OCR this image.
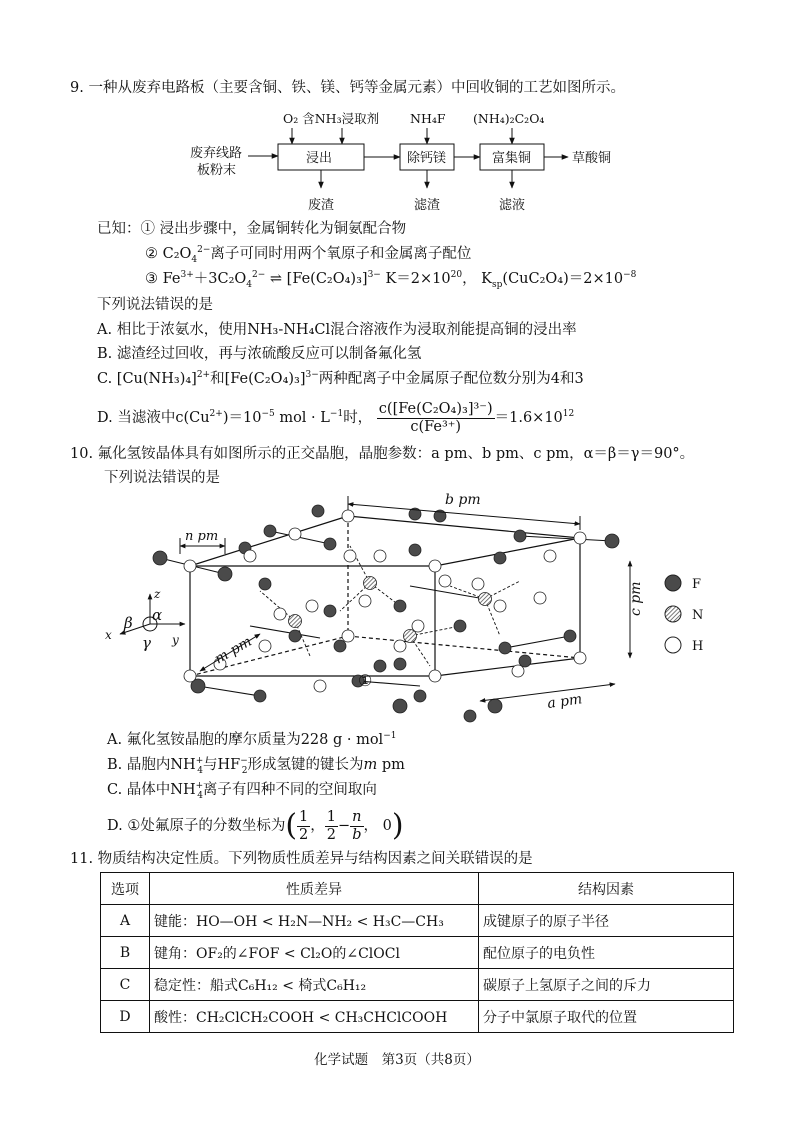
9. 一种从废弃电路板（主要含铜、铁、镁、钙等金属元素）中回收铜的工艺如图所示。
废弃线路
板粉末
O₂ 含NH₃浸取剂 NH₄F (NH₄)₂C₂O₄
浸出	除钙镁	富集铜	草酸铜
废渣	滤渣	滤液
已知：① 浸出步骤中，金属铜转化为铜氨配合物
② $C_2O_4^{2-}$离子可同时用两个氧原子和金属离子配位
③ $Fe^{3+}+3C_2O_4^{2-}$ ⇌ $[Fe(C_2O_4)_3]^{3-}$ $K=2\times 10^{20}$， $K_{sp}(CuC_2O_4)=2\times 10^{-8}$
下列说法错误的是
A. 相比于浓氨水，使用NH₃-NH₄Cl混合溶液作为浸取剂能提高铜的浸出率
B. 滤渣经过回收，再与浓硫酸反应可以制备氟化氢
C. $[Cu(NH_3)_4]^{2+}$和$[Fe(C_2O_4)_3]^{3-}$两种配离子中金属原子配位数分别为4和3
D. 当滤液中$c(Cu^{2+})=10^{-5}$ mol · $L^{-1}$时， $\frac{\text{c([Fe(C₂O₄)₃]³⁻)}}{\text{c(Fe³⁺)}} =1.6\times 10^{12}$
10. 氟化氢铵晶体具有如图所示的正交晶胞，晶胞参数：a pm、b pm、c pm，α＝β＝γ＝90°。
下列说法错误的是
b pm
n pm
c pm
a pm
m pm
①
z
x	y
α
β
γ
F
N
H
A. 氟化氢铵晶胞的摩尔质量为228 g · mol$^{-1}$
B. 晶胞内$NH^+_4$与$HF^-_2$形成氢键的键长为m pm
C. 晶体中$NH^+_4$离子有四种不同的空间取向
D. ①处氟原子的分数坐标为( $\frac{1}{2}$ ， $\frac{1}{2} - \frac{n}{b}$ ， 0)
11. 物质结构决定性质。下列物质性质差异与结构因素之间关联错误的是
选项	性质差异	结构因素
A	键能：HO—OH < H₂N—NH₂ < H₃C—CH₃	成键原子的原子半径
B	键角：OF₂的∠FOF < Cl₂O的∠ClOCl	配位原子的电负性
C	稳定性：船式C₆H₁₂ < 椅式C₆H₁₂	碳原子上氢原子之间的斥力
D	酸性：CH₂ClCH₂COOH < CH₃CHClCOOH	分子中氯原子取代的位置
化学试题　第3页（共8页）
